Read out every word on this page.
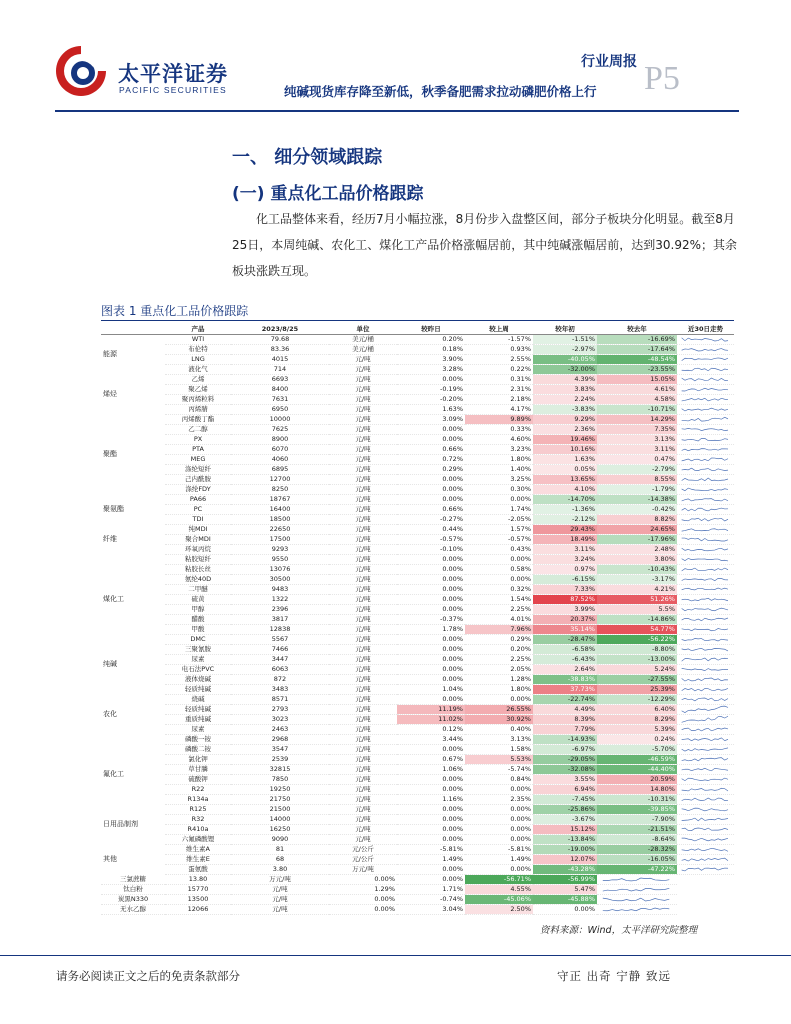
太平洋证券
PACIFIC SECURITIES
行业周报 P5
纯碱现货库存降至新低，秋季备肥需求拉动磷肥价格上行
一、 细分领域跟踪
(一) 重点化工品价格跟踪
化工品整体来看，经历7月小幅拉涨，8月份步入盘整区间，部分子板块分化明显。截至8月25日，本周纯碱、农化工、煤化工产品价格涨幅居前，其中纯碱涨幅居前，达到30.92%；其余板块涨跌互现。
图表 1 重点化工品价格跟踪
	产品	2023/8/25	单位	较昨日	较上周	较年初	较去年	近30日走势
能源	WTI	79.68	美元/桶	0.20%	-1.57%	-1.51%	-16.69%	

	布伦特	83.36	美元/桶	0.18%	0.93%	-2.97%	-17.64%	

	LNG	4015	元/吨	3.90%	2.55%	-40.05%	-48.54%	

	液化气	714	元/吨	3.28%	0.22%	-32.00%	-23.55%	

烯烃	乙烯	6693	元/吨	0.00%	0.31%	4.39%	15.05%	

	聚乙烯	8400	元/吨	-0.19%	2.31%	3.83%	4.61%	

	聚丙烯粒料	7631	元/吨	-0.20%	2.18%	2.24%	4.58%	

	丙烯腈	6950	元/吨	1.63%	4.17%	-3.83%	-10.71%	

聚酯	丙烯酸丁酯	10000	元/吨	3.09%	9.89%	9.29%	14.29%	

	乙二醇	7625	元/吨	0.00%	0.33%	2.36%	7.35%	

	PX	8900	元/吨	0.00%	4.60%	19.46%	3.13%	

	PTA	6070	元/吨	0.66%	3.23%	10.16%	3.11%	

	MEG	4060	元/吨	0.72%	1.80%	1.63%	0.47%	

	涤纶短纤	6895	元/吨	0.29%	1.40%	0.05%	-2.79%	

	己内酰胺	12700	元/吨	0.00%	3.25%	13.65%	8.55%	

	涤纶FDY	8250	元/吨	0.00%	0.30%	4.10%	-1.79%	

聚氨酯	PA66	18767	元/吨	0.00%	0.00%	-14.70%	-14.38%	

	PC	16400	元/吨	0.66%	1.74%	-1.36%	-0.42%	

	TDI	18500	元/吨	-0.27%	-2.05%	-2.12%	8.82%	

纤维	纯MDI	22650	元/吨	0.44%	1.57%	29.43%	24.65%	

	聚合MDI	17500	元/吨	-0.57%	-0.57%	18.49%	-17.96%	

	环氧丙烷	9293	元/吨	-0.10%	0.43%	3.11%	2.48%	

煤化工	粘胶短纤	9550	元/吨	0.00%	0.00%	3.24%	3.80%	

	粘胶长丝	13076	元/吨	0.00%	0.58%	0.97%	-10.43%	

	氨纶40D	30500	元/吨	0.00%	0.00%	-6.15%	-3.17%	

	二甲醚	9483	元/吨	0.00%	0.32%	7.33%	4.21%	

	硫黄	1322	元/吨	0.00%	1.54%	87.52%	51.26%	

	甲醇	2396	元/吨	0.00%	2.25%	3.99%	5.5%	

	醋酸	3817	元/吨	-0.37%	4.01%	20.37%	-14.86%	

	甲酸	12838	元/吨	1.78%	7.96%	35.14%	54.77%	

	DMC	5567	元/吨	0.00%	0.29%	-28.47%	-56.22%	

纯碱	三聚氰胺	7466	元/吨	0.00%	0.20%	-6.58%	-8.80%	

	尿素	3447	元/吨	0.00%	2.25%	-6.43%	-13.00%	

	电石法PVC	6063	元/吨	0.00%	2.05%	2.64%	5.24%	

	液体烧碱	872	元/吨	0.00%	1.28%	-38.83%	-27.55%	

农化	轻质纯碱	3483	元/吨	1.04%	1.80%	37.73%	25.39%	

	烧碱	8571	元/吨	0.00%	0.00%	-22.74%	-12.29%	

	轻质纯碱	2793	元/吨	11.19%	26.55%	4.49%	6.40%	

	重质纯碱	3023	元/吨	11.02%	30.92%	8.39%	8.29%	

	尿素	2463	元/吨	0.12%	0.40%	7.79%	5.39%	

	磷酸一铵	2968	元/吨	3.44%	3.13%	-14.93%	0.24%	

氟化工	磷酸二铵	3547	元/吨	0.00%	1.58%	-6.97%	-5.70%	

	氯化钾	2539	元/吨	0.67%	5.53%	-29.05%	-46.59%	

	草甘膦	32815	元/吨	1.06%	-5.74%	-32.08%	-44.40%	

	硫酸钾	7850	元/吨	0.00%	0.84%	3.55%	20.59%	

	R22	19250	元/吨	0.00%	0.00%	6.94%	14.80%	

	R134a	21750	元/吨	1.16%	2.35%	-7.45%	-10.31%	

日用品制剂	R125	21500	元/吨	0.00%	0.00%	-25.86%	-39.85%	

	R32	14000	元/吨	0.00%	0.00%	-3.67%	-7.90%	

	R410a	16250	元/吨	0.00%	0.00%	15.12%	-21.51%	

	六氟磷酸锂	9090	元/吨	0.00%	0.00%	-13.84%	-8.64%	

其他	维生素A	81	元/公斤	-5.81%	-5.81%	-19.00%	-28.32%	

	维生素E	68	元/公斤	1.49%	1.49%	12.07%	-16.05%	

	蛋氨酸	3.80	万元/吨	0.00%	0.00%	-43.28%	-47.22%	

三氯蔗糖	13.80	万元/吨	0.00%	0.00%	-56.71%	-56.99%	

钛白粉	15770	元/吨	1.29%	1.71%	4.55%	5.47%	

炭黑N330	13500	元/吨	0.00%	-0.74%	-45.06%	-45.88%	

无水乙醇	12066	元/吨	0.00%	3.04%	2.50%	0.00%	
资料来源：Wind，太平洋研究院整理
请务必阅读正文之后的免责条款部分	守正 出奇 宁静 致远
